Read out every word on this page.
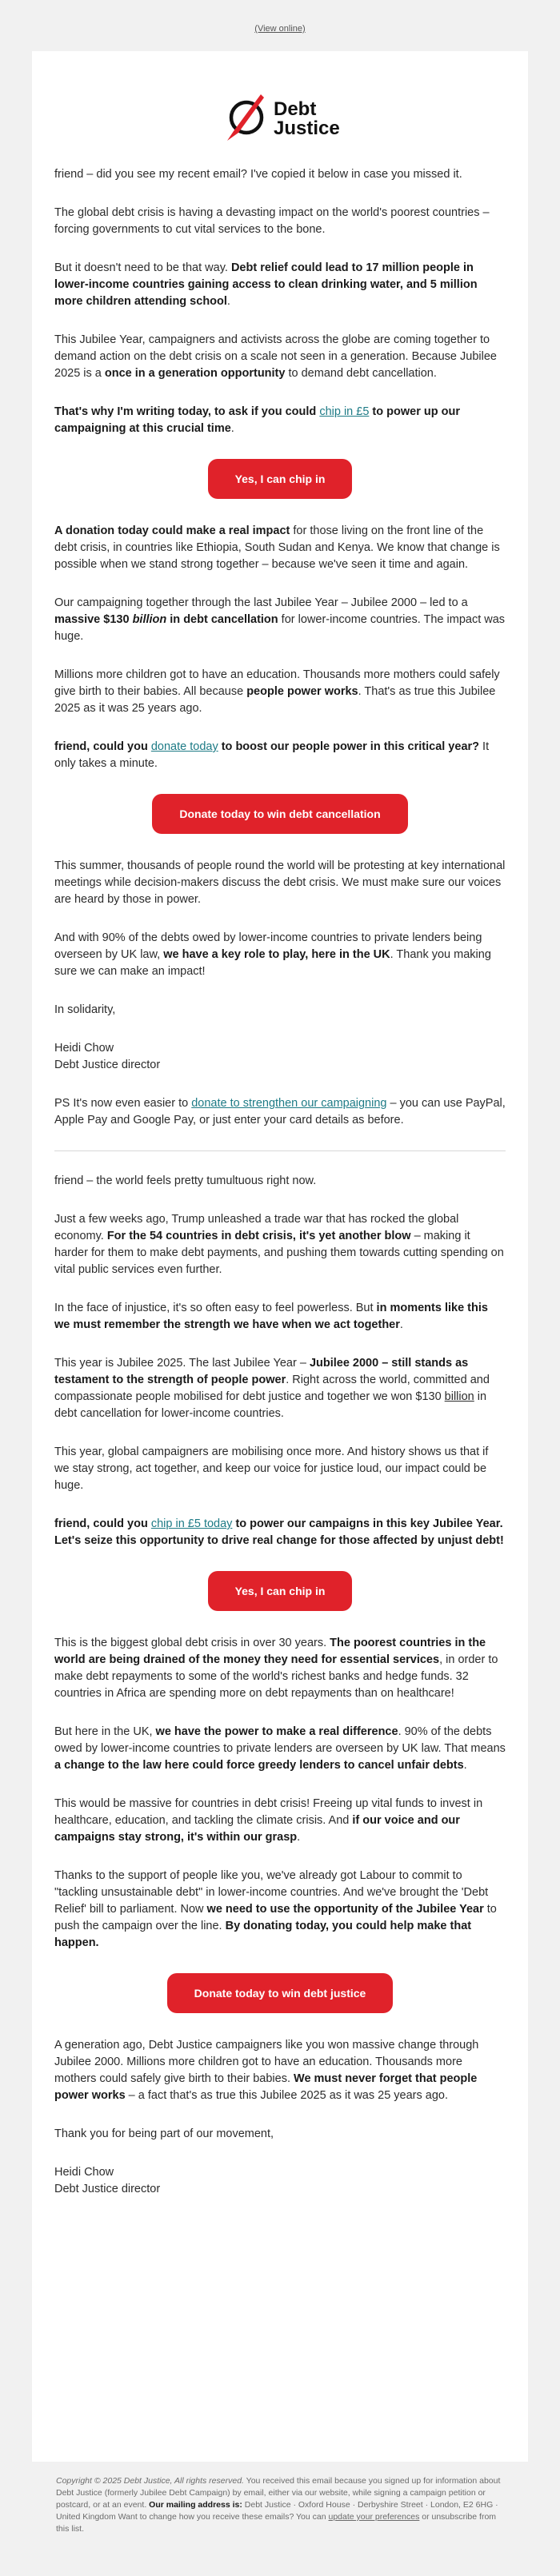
(View online)
Debt
Justice

friend – did you see my recent email? I've copied it below in case you missed it.

The global debt crisis is having a devasting impact on the world's poorest countries – forcing governments to cut vital services to the bone.

But it doesn't need to be that way. Debt relief could lead to 17 million people in lower-income countries gaining access to clean drinking water, and 5 million more children attending school.

This Jubilee Year, campaigners and activists across the globe are coming together to demand action on the debt crisis on a scale not seen in a generation. Because Jubilee 2025 is a once in a generation opportunity to demand debt cancellation.

That's why I'm writing today, to ask if you could chip in £5 to power up our campaigning at this crucial time.

Yes, I can chip in

A donation today could make a real impact for those living on the front line of the debt crisis, in countries like Ethiopia, South Sudan and Kenya. We know that change is possible when we stand strong together – because we've seen it time and again.

Our campaigning together through the last Jubilee Year – Jubilee 2000 – led to a massive $130 billion in debt cancellation for lower-income countries. The impact was huge.

Millions more children got to have an education. Thousands more mothers could safely give birth to their babies. All because people power works. That's as true this Jubilee 2025 as it was 25 years ago.

friend, could you donate today to boost our people power in this critical year? It only takes a minute.

Donate today to win debt cancellation

This summer, thousands of people round the world will be protesting at key international meetings while decision-makers discuss the debt crisis. We must make sure our voices are heard by those in power.

And with 90% of the debts owed by lower-income countries to private lenders being overseen by UK law, we have a key role to play, here in the UK. Thank you making sure we can make an impact!

In solidarity,

Heidi Chow
Debt Justice director

PS It's now even easier to donate to strengthen our campaigning – you can use PayPal, Apple Pay and Google Pay, or just enter your card details as before.

friend – the world feels pretty tumultuous right now.

Just a few weeks ago, Trump unleashed a trade war that has rocked the global economy. For the 54 countries in debt crisis, it's yet another blow – making it harder for them to make debt payments, and pushing them towards cutting spending on vital public services even further.

In the face of injustice, it's so often easy to feel powerless. But in moments like this we must remember the strength we have when we act together.

This year is Jubilee 2025. The last Jubilee Year – Jubilee 2000 – still stands as testament to the strength of people power. Right across the world, committed and compassionate people mobilised for debt justice and together we won $130 billion in debt cancellation for lower-income countries.

This year, global campaigners are mobilising once more. And history shows us that if we stay strong, act together, and keep our voice for justice loud, our impact could be huge.

friend, could you chip in £5 today to power our campaigns in this key Jubilee Year. Let's seize this opportunity to drive real change for those affected by unjust debt!

Yes, I can chip in

This is the biggest global debt crisis in over 30 years. The poorest countries in the world are being drained of the money they need for essential services, in order to make debt repayments to some of the world's richest banks and hedge funds. 32 countries in Africa are spending more on debt repayments than on healthcare!

But here in the UK, we have the power to make a real difference. 90% of the debts owed by lower-income countries to private lenders are overseen by UK law. That means a change to the law here could force greedy lenders to cancel unfair debts.

This would be massive for countries in debt crisis! Freeing up vital funds to invest in healthcare, education, and tackling the climate crisis. And if our voice and our campaigns stay strong, it's within our grasp.

Thanks to the support of people like you, we've already got Labour to commit to "tackling unsustainable debt" in lower-income countries. And we've brought the 'Debt Relief' bill to parliament. Now we need to use the opportunity of the Jubilee Year to push the campaign over the line. By donating today, you could help make that happen.

Donate today to win debt justice

A generation ago, Debt Justice campaigners like you won massive change through Jubilee 2000. Millions more children got to have an education. Thousands more mothers could safely give birth to their babies. We must never forget that people power works – a fact that's as true this Jubilee 2025 as it was 25 years ago.

Thank you for being part of our movement,

Heidi Chow
Debt Justice director

Copyright © 2025 Debt Justice, All rights reserved. You received this email because you signed up for information about Debt Justice (formerly Jubilee Debt Campaign) by email, either via our website, while signing a campaign petition or postcard, or at an event. Our mailing address is: Debt Justice · Oxford House · Derbyshire Street · London, E2 6HG · United Kingdom Want to change how you receive these emails? You can update your preferences or unsubscribe from this list.
